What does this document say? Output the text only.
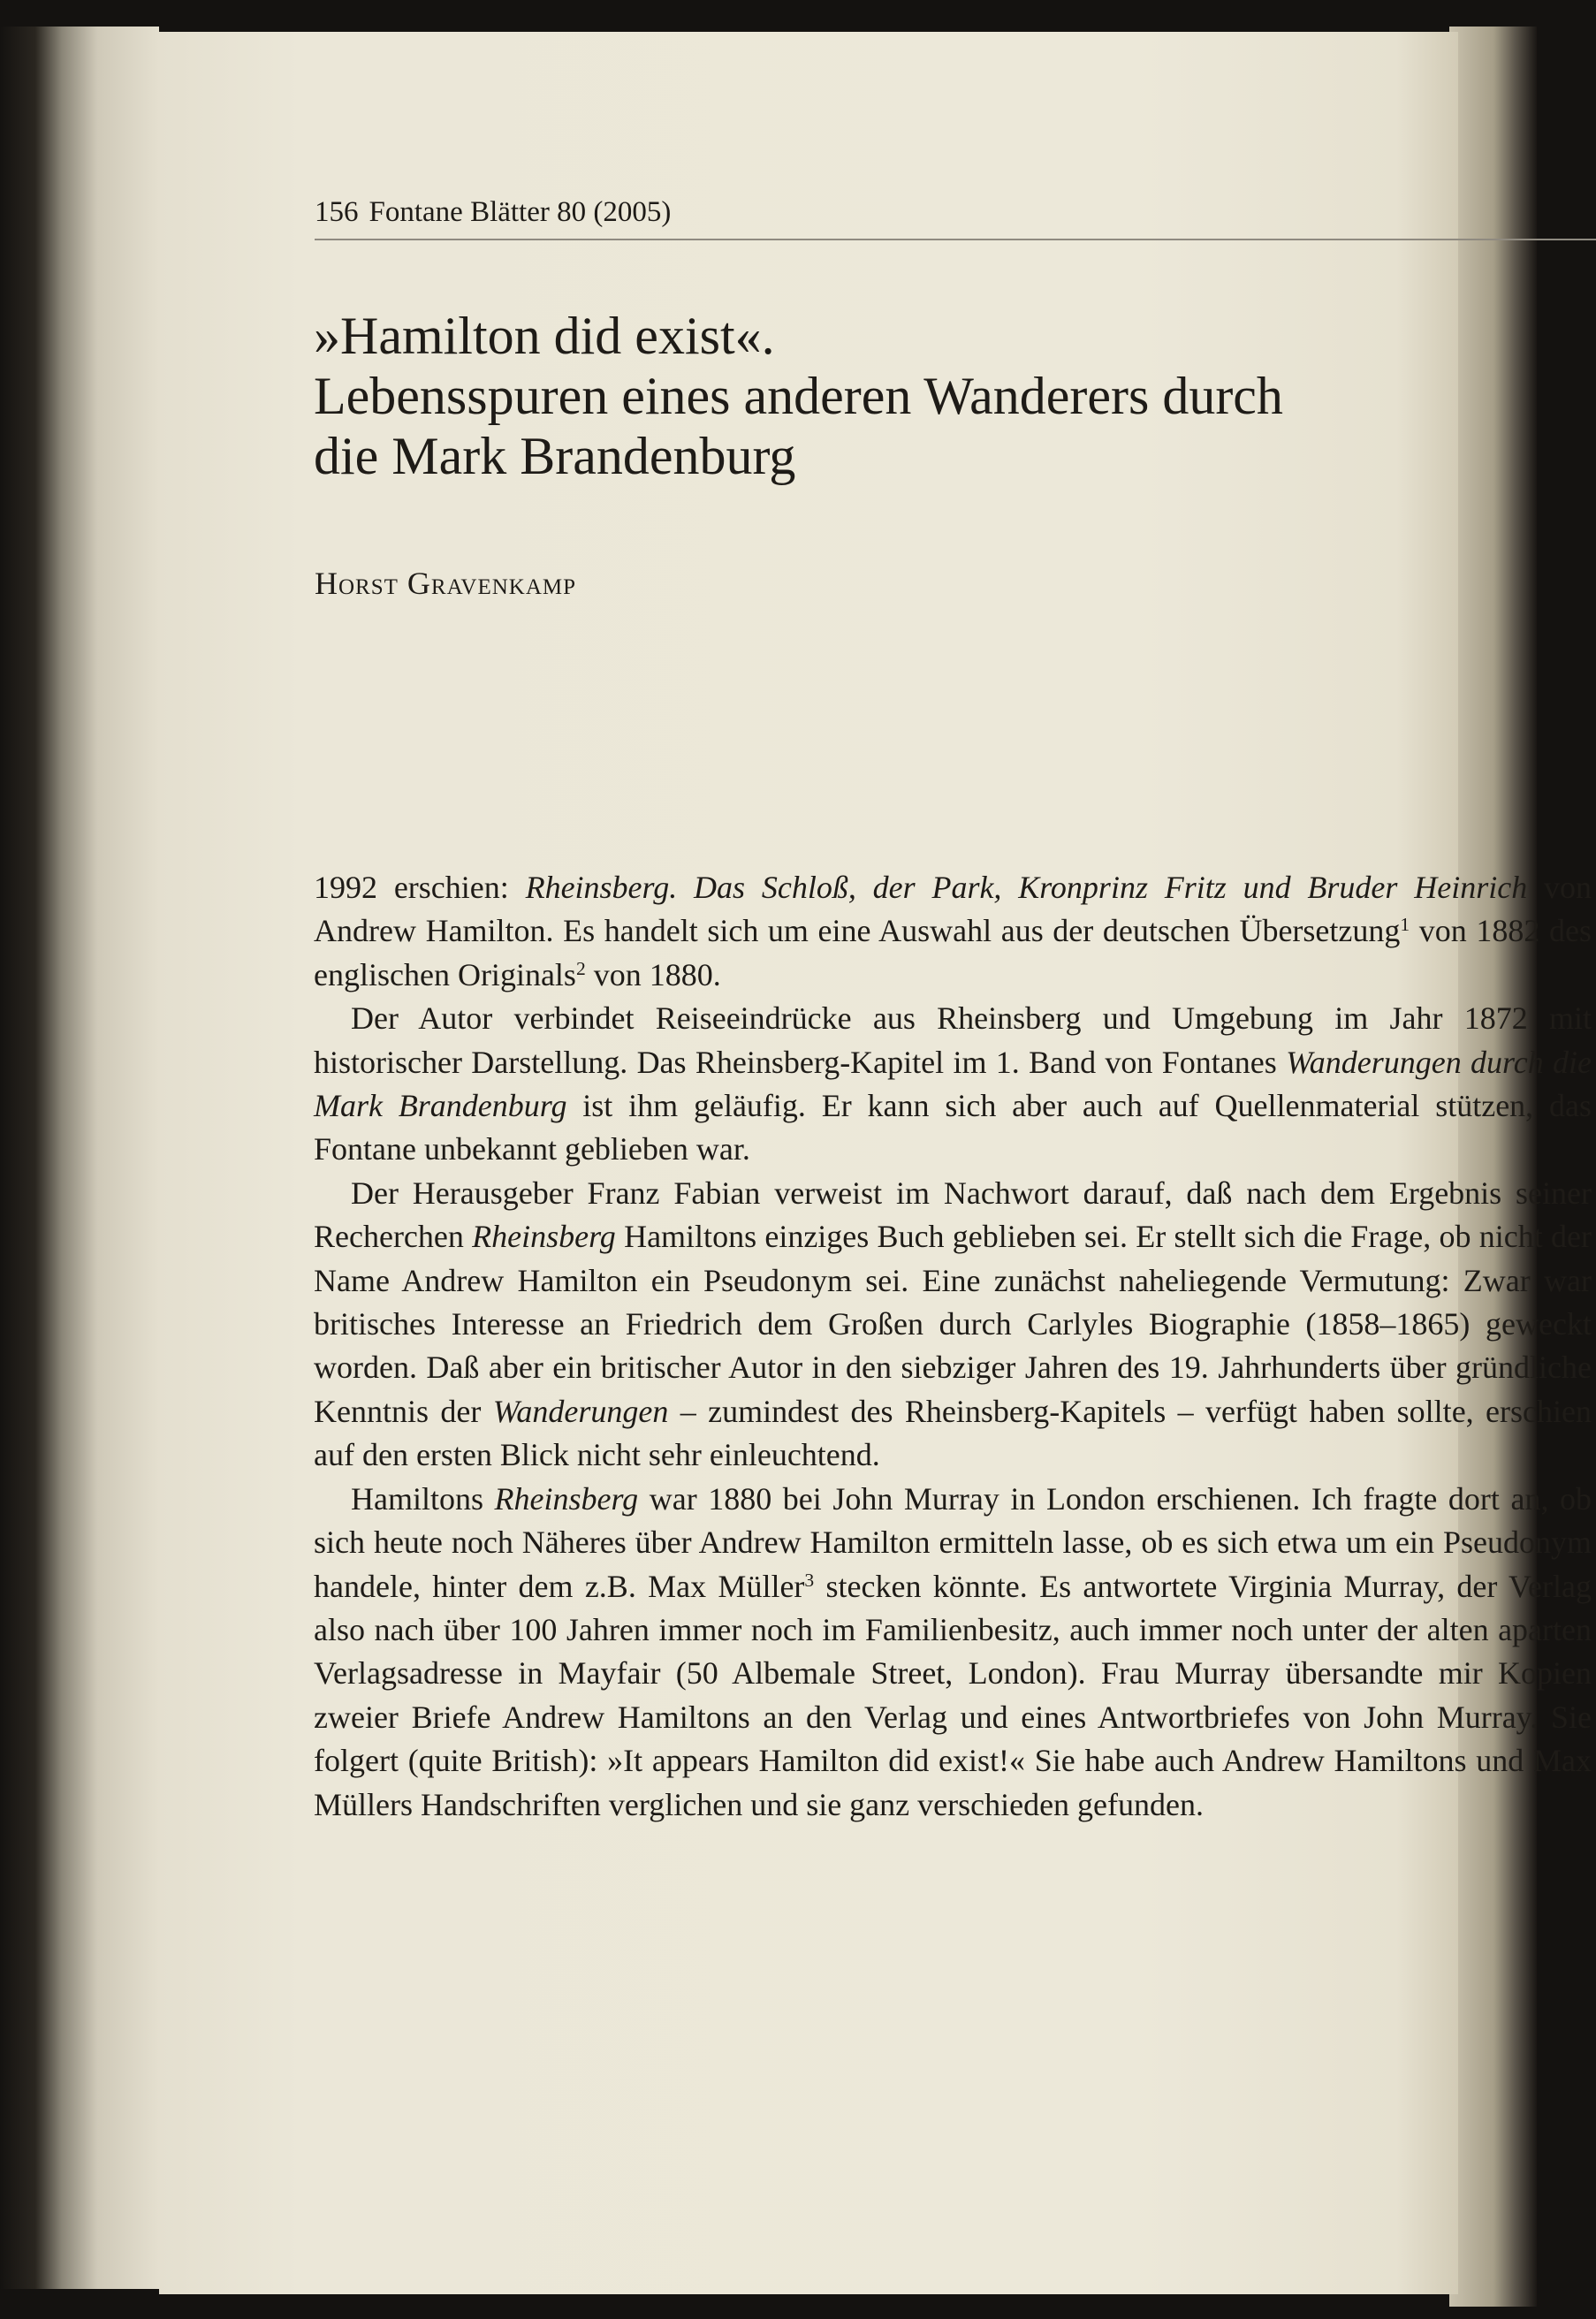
156 Fontane Blätter 80 (2005)
»Hamilton did exist«.
Lebensspuren eines anderen Wanderers durch
die Mark Brandenburg
Horst Gravenkamp

1992 erschien: Rheinsberg. Das Schloß, der Park, Kronprinz Fritz und Bruder Heinrich von Andrew Hamilton. Es handelt sich um eine Auswahl aus der deutschen Übersetzung$^1$ von 1882 des englischen Originals$^2$ von 1880.

Der Autor verbindet Reiseeindrücke aus Rheinsberg und Umgebung im Jahr 1872 mit historischer Darstellung. Das Rheinsberg-Kapitel im 1. Band von Fontanes Wanderungen durch die Mark Brandenburg ist ihm geläufig. Er kann sich aber auch auf Quellenmaterial stützen, das Fontane unbekannt geblieben war.

Der Herausgeber Franz Fabian verweist im Nachwort darauf, daß nach dem Ergebnis seiner Recherchen Rheinsberg Hamiltons einziges Buch geblieben sei. Er stellt sich die Frage, ob nicht der Name Andrew Hamilton ein Pseudonym sei. Eine zunächst naheliegende Vermutung: Zwar war britisches Interesse an Friedrich dem Großen durch Carlyles Biographie (1858–1865) geweckt worden. Daß aber ein britischer Autor in den siebziger Jahren des 19. Jahrhunderts über gründliche Kenntnis der Wanderungen – zumindest des Rheinsberg-Kapitels – verfügt haben sollte, erschien auf den ersten Blick nicht sehr einleuchtend.

Hamiltons Rheinsberg war 1880 bei John Murray in London erschienen. Ich fragte dort an, ob sich heute noch Näheres über Andrew Hamilton ermitteln lasse, ob es sich etwa um ein Pseudonym handele, hinter dem z.B. Max Müller$^3$ stecken könnte. Es antwortete Virginia Murray, der Verlag also nach über 100 Jahren immer noch im Familienbesitz, auch immer noch unter der alten aparten Verlagsadresse in Mayfair (50 Albemale Street, London). Frau Murray übersandte mir Kopien zweier Briefe Andrew Hamiltons an den Verlag und eines Antwortbriefes von John Murray. Sie folgert (quite British): »It appears Hamilton did exist!« Sie habe auch Andrew Hamiltons und Max Müllers Handschriften verglichen und sie ganz verschieden gefunden.
